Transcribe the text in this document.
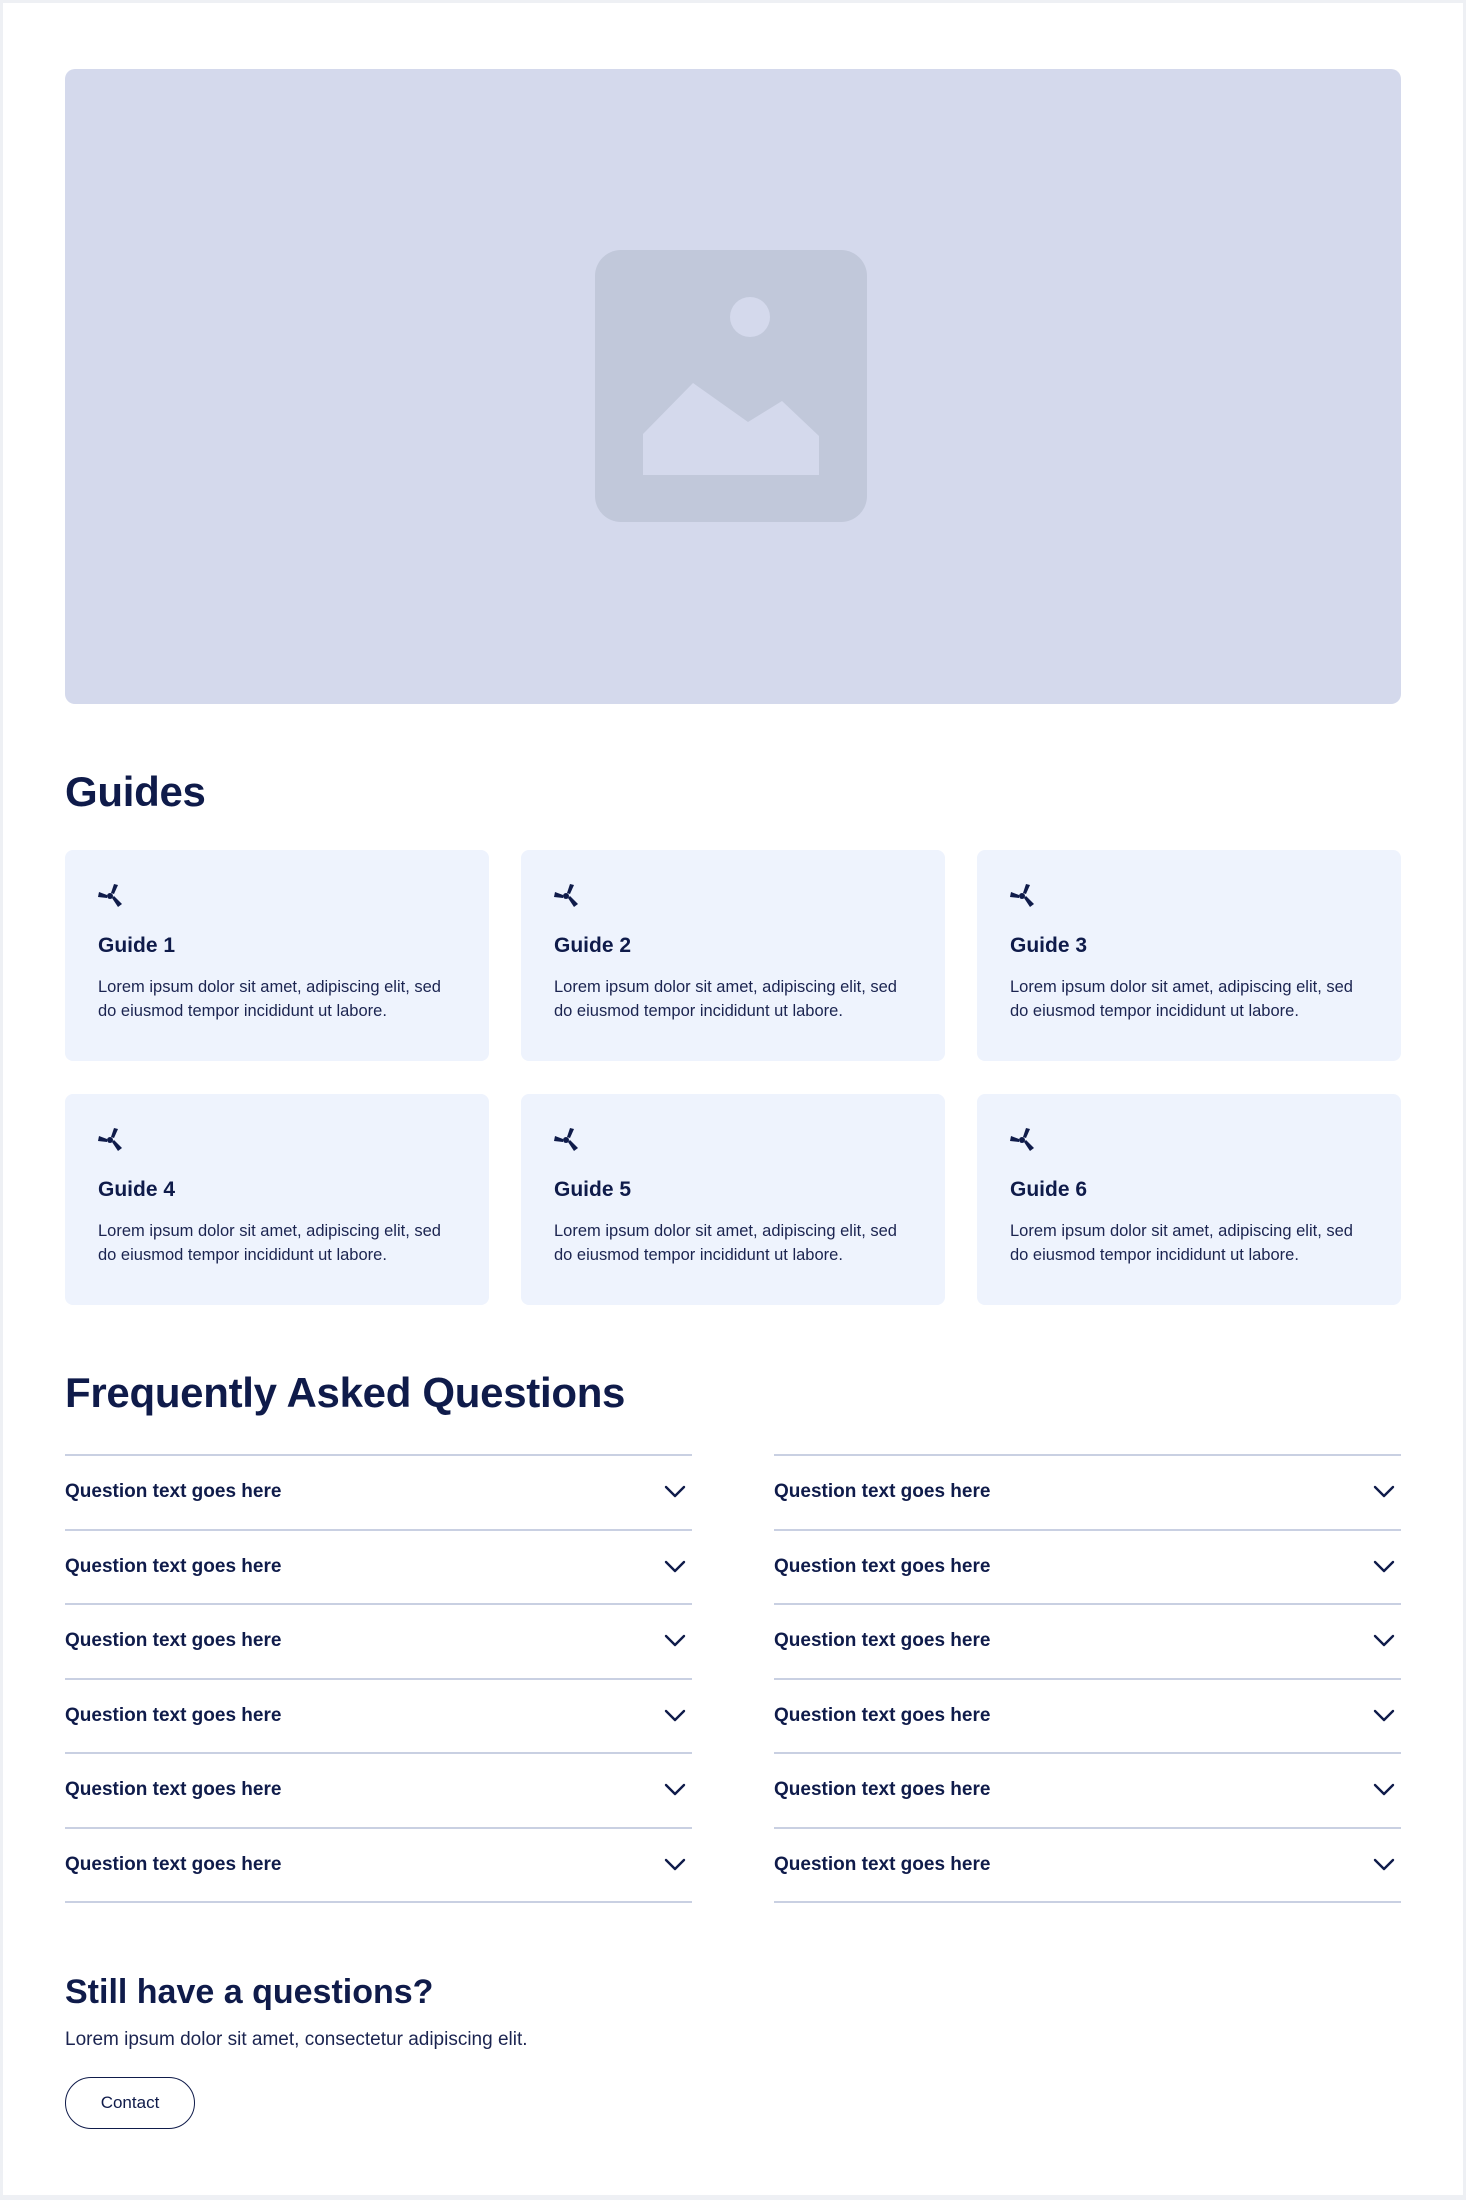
Guides
Guide 1
Lorem ipsum dolor sit amet, adipiscing elit, sed do eiusmod tempor incididunt ut labore.
Guide 2
Lorem ipsum dolor sit amet, adipiscing elit, sed do eiusmod tempor incididunt ut labore.
Guide 3
Lorem ipsum dolor sit amet, adipiscing elit, sed do eiusmod tempor incididunt ut labore.
Guide 4
Lorem ipsum dolor sit amet, adipiscing elit, sed do eiusmod tempor incididunt ut labore.
Guide 5
Lorem ipsum dolor sit amet, adipiscing elit, sed do eiusmod tempor incididunt ut labore.
Guide 6
Lorem ipsum dolor sit amet, adipiscing elit, sed do eiusmod tempor incididunt ut labore.
Frequently Asked Questions
Question text goes here
Question text goes here
Question text goes here
Question text goes here
Question text goes here
Question text goes here
Question text goes here
Question text goes here
Question text goes here
Question text goes here
Question text goes here
Question text goes here
Still have a questions?

Lorem ipsum dolor sit amet, consectetur adipiscing elit.

Contact
